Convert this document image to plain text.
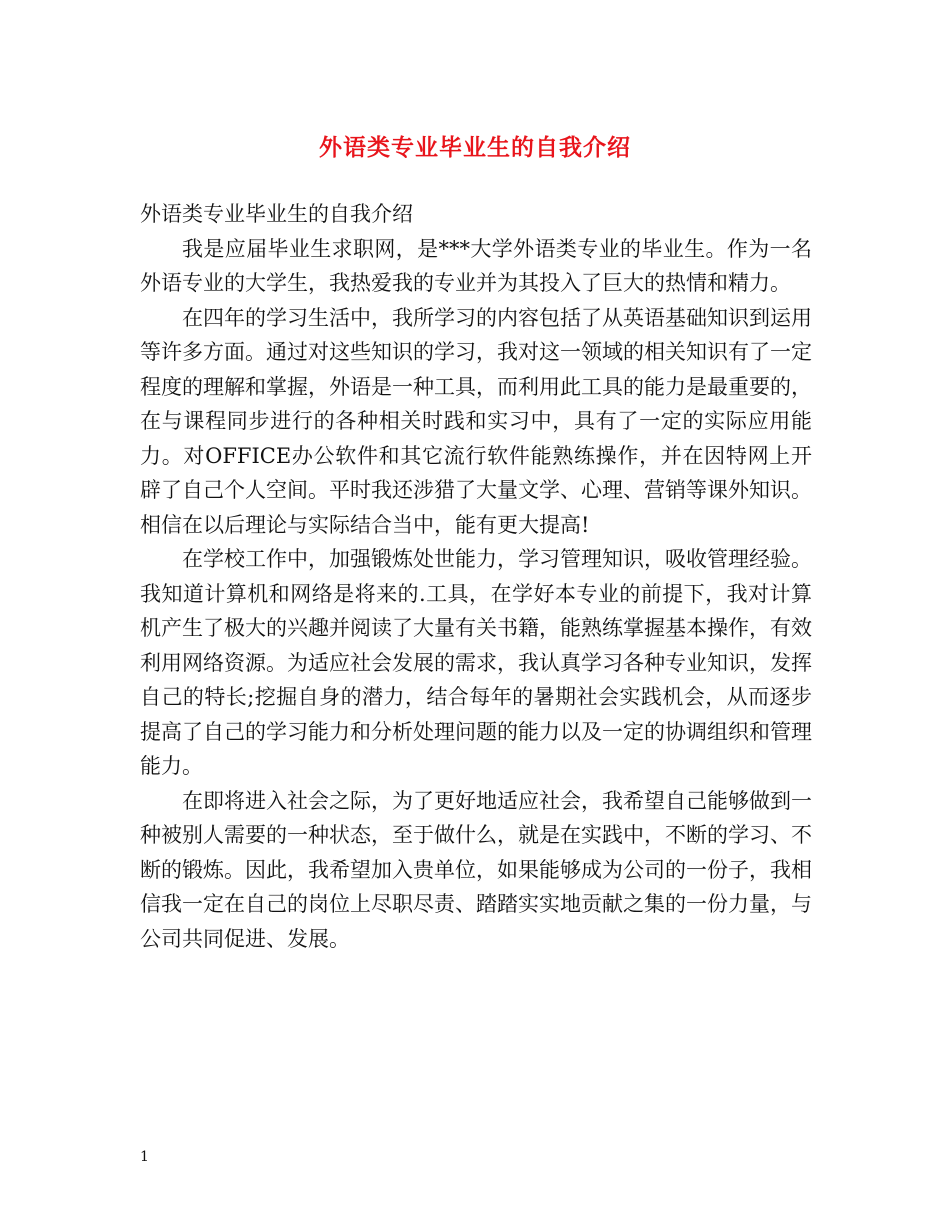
外语类专业毕业生的自我介绍

外语类专业毕业生的自我介绍

我是应届毕业生求职网，是***大学外语类专业的毕业生。作为一名外语专业的大学生，我热爱我的专业并为其投入了巨大的热情和精力。

在四年的学习生活中，我所学习的内容包括了从英语基础知识到运用等许多方面。通过对这些知识的学习，我对这一领域的相关知识有了一定程度的理解和掌握，外语是一种工具，而利用此工具的能力是最重要的，在与课程同步进行的各种相关时践和实习中，具有了一定的实际应用能力。对OFFICE办公软件和其它流行软件能熟练操作，并在因特网上开辟了自己个人空间。平时我还涉猎了大量文学、心理、营销等课外知识。相信在以后理论与实际结合当中，能有更大提高!

在学校工作中，加强锻炼处世能力，学习管理知识，吸收管理经验。 我知道计算机和网络是将来的.工具，在学好本专业的前提下，我对计算机产生了极大的兴趣并阅读了大量有关书籍，能熟练掌握基本操作，有效利用网络资源。为适应社会发展的需求，我认真学习各种专业知识，发挥自己的特长;挖掘自身的潜力，结合每年的暑期社会实践机会，从而逐步提高了自己的学习能力和分析处理问题的能力以及一定的协调组织和管理能力。

在即将进入社会之际，为了更好地适应社会，我希望自己能够做到一种被别人需要的一种状态，至于做什么，就是在实践中，不断的学习、不断的锻炼。因此，我希望加入贵单位，如果能够成为公司的一份子，我相信我一定在自己的岗位上尽职尽责、踏踏实实地贡献之集的一份力量，与公司共同促进、发展。

1
